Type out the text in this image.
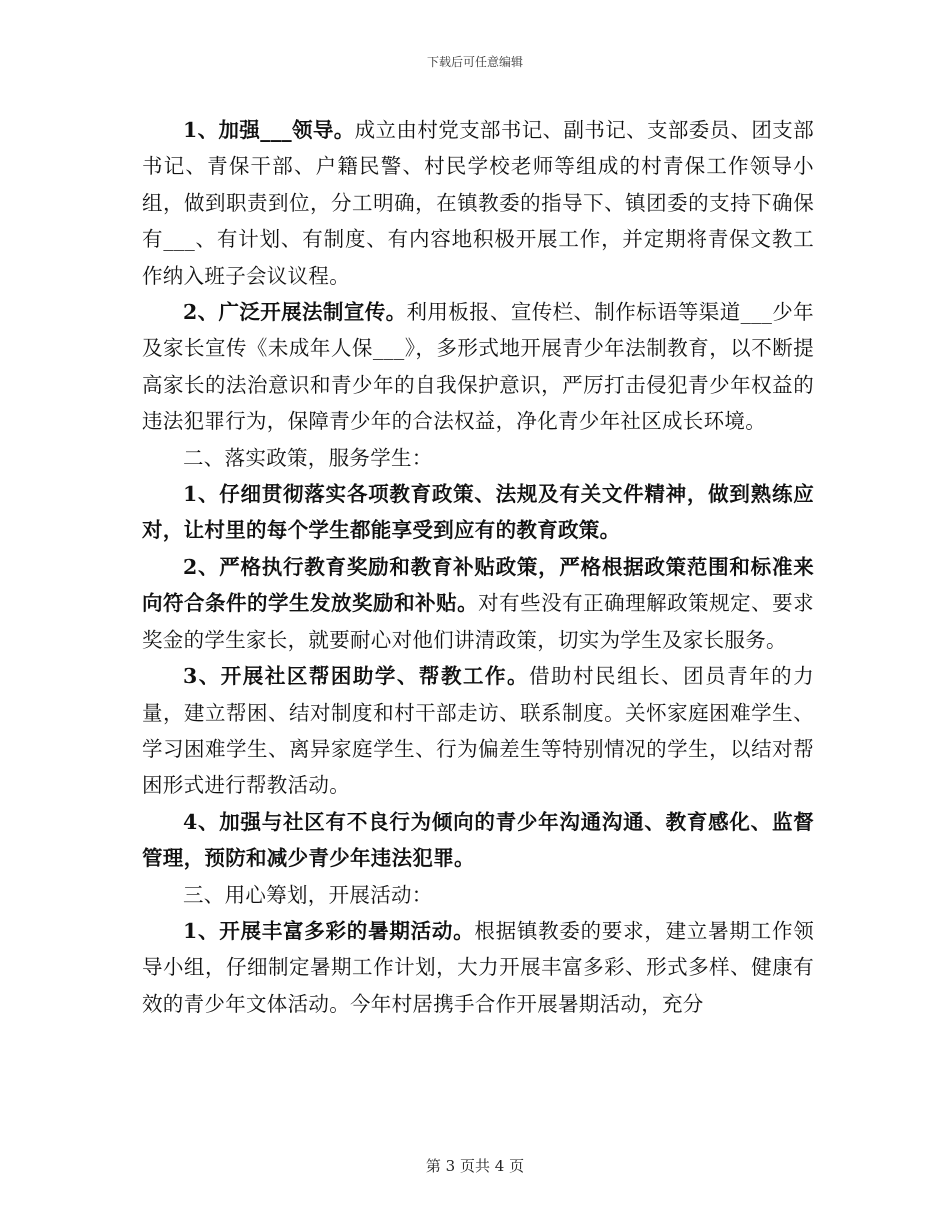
下载后可任意编辑

1、加强___领导。成立由村党支部书记、副书记、支部委员、团支部书记、青保干部、户籍民警、村民学校老师等组成的村青保工作领导小组，做到职责到位，分工明确，在镇教委的指导下、镇团委的支持下确保有___、有计划、有制度、有内容地积极开展工作，并定期将青保文教工作纳入班子会议议程。

2、广泛开展法制宣传。利用板报、宣传栏、制作标语等渠道___少年及家长宣传《未成年人保___》，多形式地开展青少年法制教育，以不断提高家长的法治意识和青少年的自我保护意识，严厉打击侵犯青少年权益的违法犯罪行为，保障青少年的合法权益，净化青少年社区成长环境。

二、落实政策，服务学生：

1、仔细贯彻落实各项教育政策、法规及有关文件精神，做到熟练应对，让村里的每个学生都能享受到应有的教育政策。

2、严格执行教育奖励和教育补贴政策，严格根据政策范围和标准来向符合条件的学生发放奖励和补贴。对有些没有正确理解政策规定、要求奖金的学生家长，就要耐心对他们讲清政策，切实为学生及家长服务。

3、开展社区帮困助学、帮教工作。借助村民组长、团员青年的力量，建立帮困、结对制度和村干部走访、联系制度。关怀家庭困难学生、学习困难学生、离异家庭学生、行为偏差生等特别情况的学生，以结对帮困形式进行帮教活动。

4、加强与社区有不良行为倾向的青少年沟通沟通、教育感化、监督管理，预防和减少青少年违法犯罪。

三、用心筹划，开展活动：

1、开展丰富多彩的暑期活动。根据镇教委的要求，建立暑期工作领导小组，仔细制定暑期工作计划，大力开展丰富多彩、形式多样、健康有效的青少年文体活动。今年村居携手合作开展暑期活动，充分

第 3 页共 4 页
